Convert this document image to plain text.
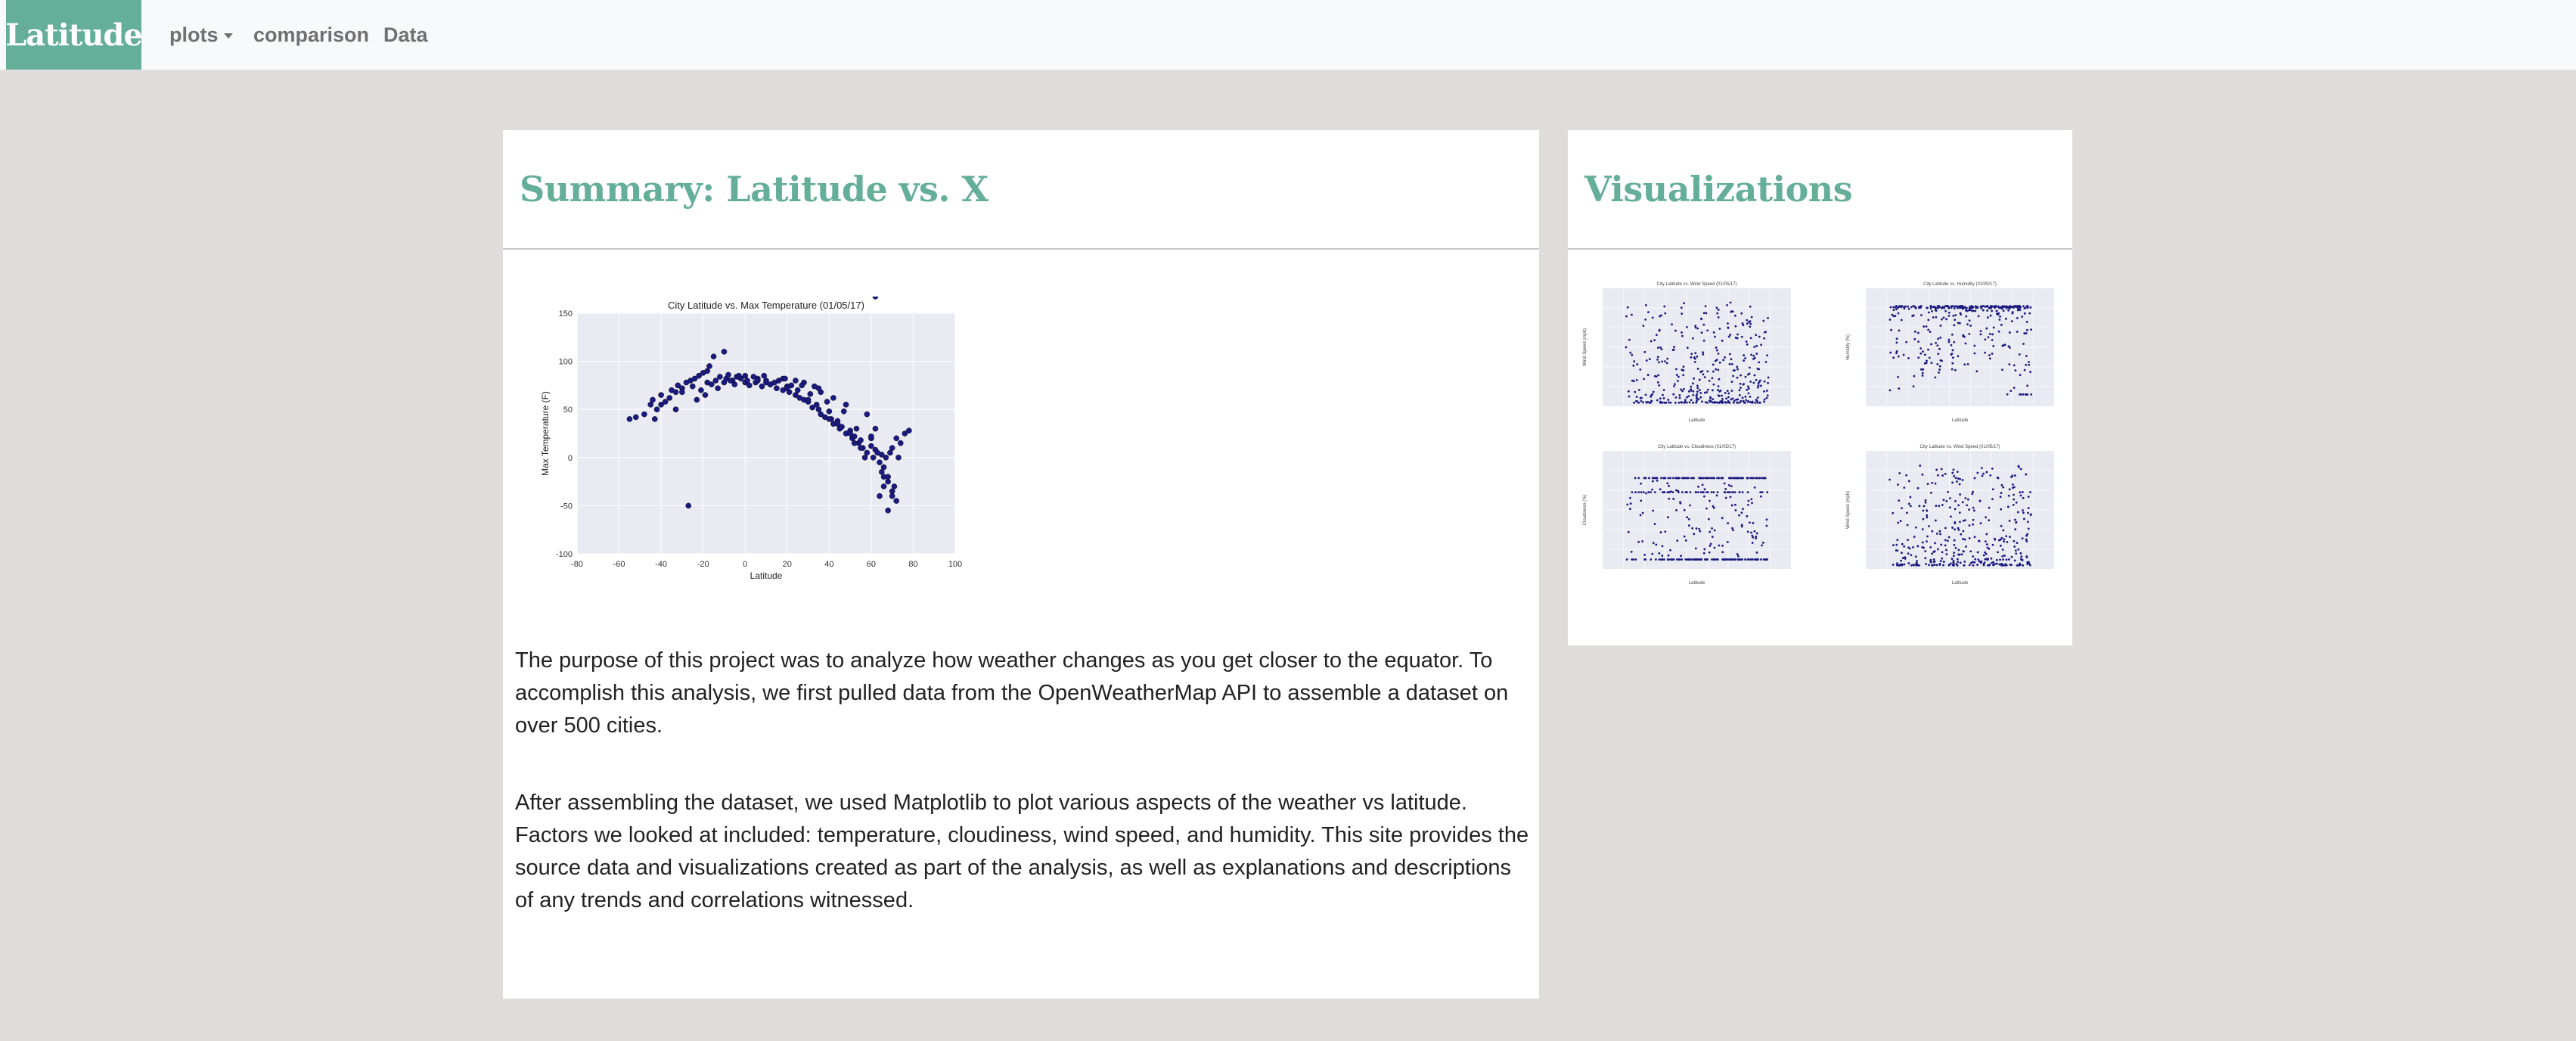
Latitude plots comparison Data
Summary: Latitude vs. X
-80	-60	-40	-20	0	20	40	60	80	100
-100
-50
0
50
100
150
City Latitude vs. Max Temperature (01/05/17)
Latitude
Max Temperature (F)

The purpose of this project was to analyze how weather changes as you get closer to the equator. To accomplish this analysis, we first pulled data from the OpenWeatherMap API to assemble a dataset on over 500 cities.

After assembling the dataset, we used Matplotlib to plot various aspects of the weather vs latitude. Factors we looked at included: temperature, cloudiness, wind speed, and humidity. This site provides the source data and visualizations created as part of the analysis, as well as explanations and descriptions of any trends and correlations witnessed.

Visualizations
City Latitude vs. Wind Speed (01/05/17)
Latitude
Wind Speed (mph)
City Latitude vs. Humidity (01/05/17)
Latitude
Humidity (%)
City Latitude vs. Cloudiness (01/05/17)
Latitude
Cloudiness (%)
City Latitude vs. Wind Speed (01/05/17)
Latitude
Wind Speed (mph)
